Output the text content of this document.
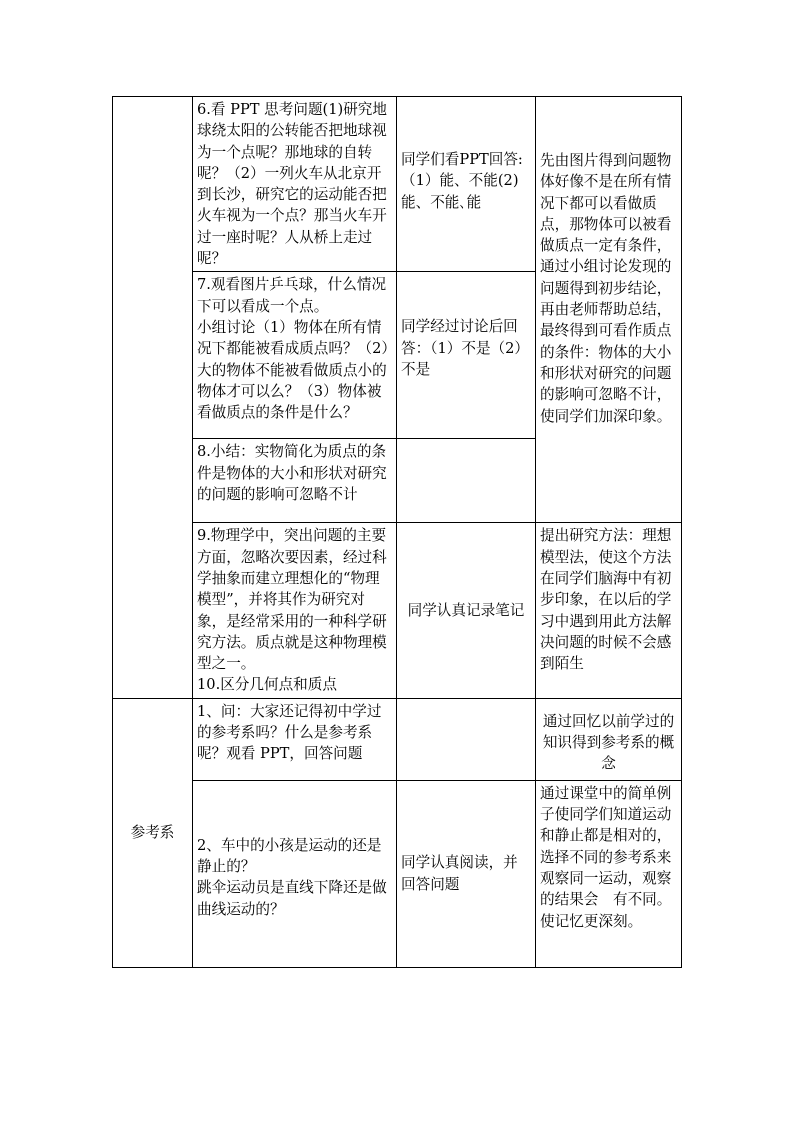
	6.看 PPT 思考问题(1)研究地球绕太阳的公转能否把地球视为一个点呢？那地球的自转呢？（2）一列火车从北京开到长沙，研究它的运动能否把火车视为一个点？那当火车开过一座时呢？人从桥上走过呢？	同学们看PPT回答:（1）能、不能(2)能、不能､能	先由图片得到问题物体好像不是在所有情况下都可以看做质点，那物体可以被看做质点一定有条件，通过小组讨论发现的问题得到初步结论，再由老师帮助总结，最终得到可看作质点的条件：物体的大小和形状对研究的问题的影响可忽略不计，使同学们加深印象。

	7.观看图片乒乓球，什么情况下可以看成一个点。
小组讨论（1）物体在所有情况下都能被看成质点吗？（2）大的物体不能被看做质点小的物体才可以么？（3）物体被看做质点的条件是什么？	同学经过讨论后回答：（1）不是（2）不是	

	8.小结：实物简化为质点的条件是物体的大小和形状对研究的问题的影响可忽略不计		

	9.物理学中，突出问题的主要方面，忽略次要因素，经过科学抽象而建立理想化的“物理模型”，并将其作为研究对象，是经常采用的一种科学研究方法。质点就是这种物理模型之一。
10.区分几何点和质点	同学认真记录笔记	提出研究方法：理想模型法，使这个方法在同学们脑海中有初步印象，在以后的学习中遇到用此方法解决问题的时候不会感到陌生

参考系	1、问：大家还记得初中学过的参考系吗？什么是参考系呢？观看 PPT，回答问题		通过回忆以前学过的知识得到参考系的概念

	2、车中的小孩是运动的还是静止的？
跳伞运动员是直线下降还是做曲线运动的？	同学认真阅读，并回答问题	通过课堂中的简单例子使同学们知道运动和静止都是相对的，选择不同的参考系来观察同一运动，观察的结果会　有不同。使记忆更深刻。
